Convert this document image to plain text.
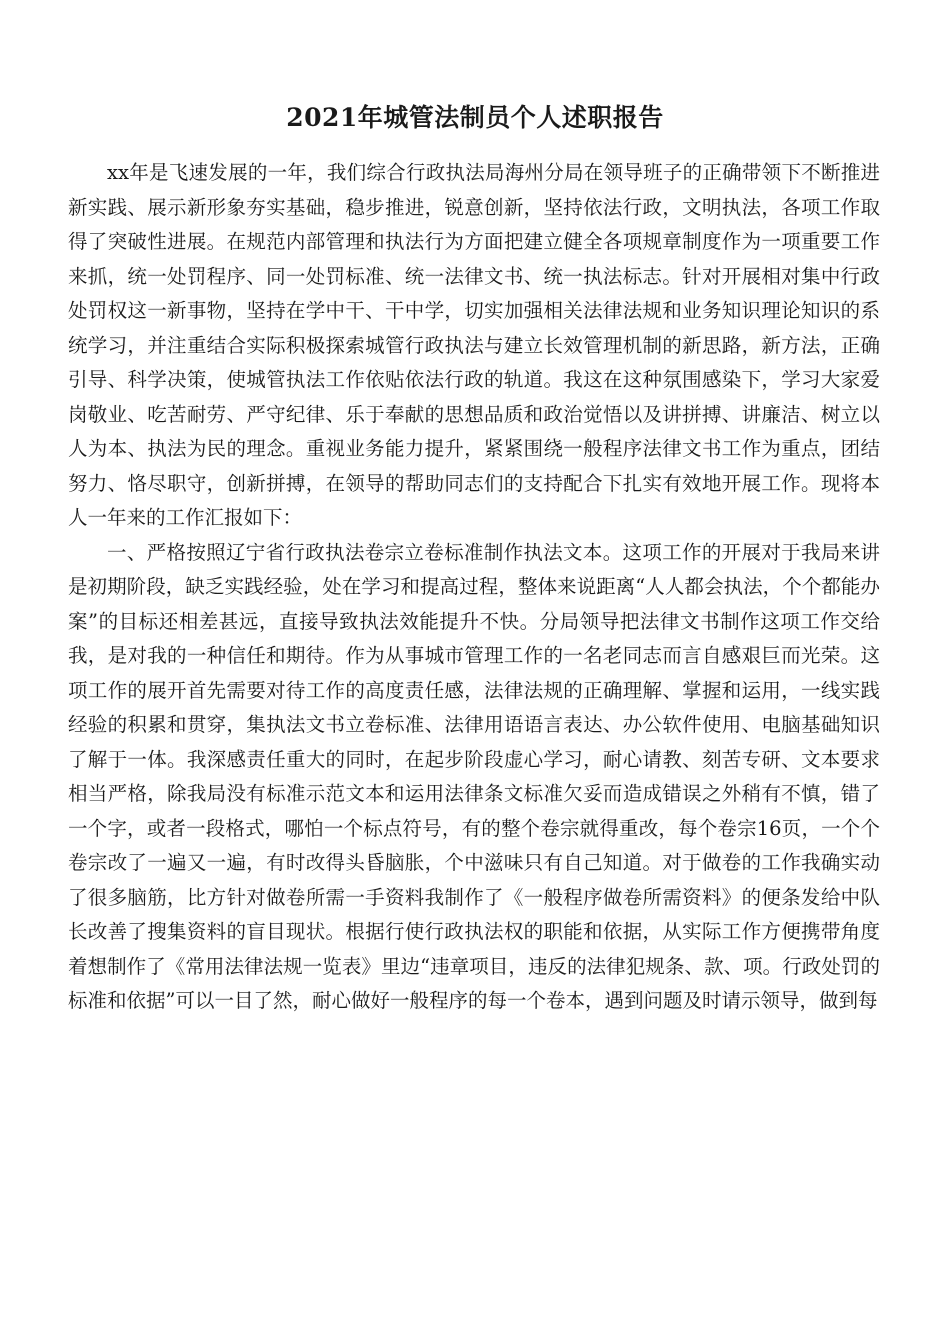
2021年城管法制员个人述职报告

xx年是飞速发展的一年，我们综合行政执法局海州分局在领导班子的正确带领下不断推进新实践、展示新形象夯实基础，稳步推进，锐意创新，坚持依法行政，文明执法，各项工作取得了突破性进展。在规范内部管理和执法行为方面把建立健全各项规章制度作为一项重要工作来抓，统一处罚程序、同一处罚标准、统一法律文书、统一执法标志。针对开展相对集中行政处罚权这一新事物，坚持在学中干、干中学，切实加强相关法律法规和业务知识理论知识的系统学习，并注重结合实际积极探索城管行政执法与建立长效管理机制的新思路，新方法，正确引导、科学决策，使城管执法工作依贴依法行政的轨道。我这在这种氛围感染下，学习大家爱岗敬业、吃苦耐劳、严守纪律、乐于奉献的思想品质和政治觉悟以及讲拼搏、讲廉洁、树立以人为本、执法为民的理念。重视业务能力提升，紧紧围绕一般程序法律文书工作为重点，团结努力、恪尽职守，创新拼搏，在领导的帮助同志们的支持配合下扎实有效地开展工作。现将本人一年来的工作汇报如下：

一、严格按照辽宁省行政执法卷宗立卷标准制作执法文本。这项工作的开展对于我局来讲是初期阶段，缺乏实践经验，处在学习和提高过程，整体来说距离“人人都会执法，个个都能办案”的目标还相差甚远，直接导致执法效能提升不快。分局领导把法律文书制作这项工作交给我，是对我的一种信任和期待。作为从事城市管理工作的一名老同志而言自感艰巨而光荣。这项工作的展开首先需要对待工作的高度责任感，法律法规的正确理解、掌握和运用，一线实践经验的积累和贯穿，集执法文书立卷标准、法律用语语言表达、办公软件使用、电脑基础知识了解于一体。我深感责任重大的同时，在起步阶段虚心学习，耐心请教、刻苦专研、文本要求相当严格，除我局没有标准示范文本和运用法律条文标准欠妥而造成错误之外稍有不慎，错了一个字，或者一段格式，哪怕一个标点符号，有的整个卷宗就得重改，每个卷宗16页，一个个卷宗改了一遍又一遍，有时改得头昏脑胀，个中滋味只有自己知道。对于做卷的工作我确实动了很多脑筋，比方针对做卷所需一手资料我制作了《一般程序做卷所需资料》的便条发给中队长改善了搜集资料的盲目现状。根据行使行政执法权的职能和依据，从实际工作方便携带角度着想制作了《常用法律法规一览表》里边“违章项目，违反的法律犯规条、款、项。行政处罚的标准和依据”可以一目了然，耐心做好一般程序的每一个卷本，遇到问题及时请示领导，做到每
